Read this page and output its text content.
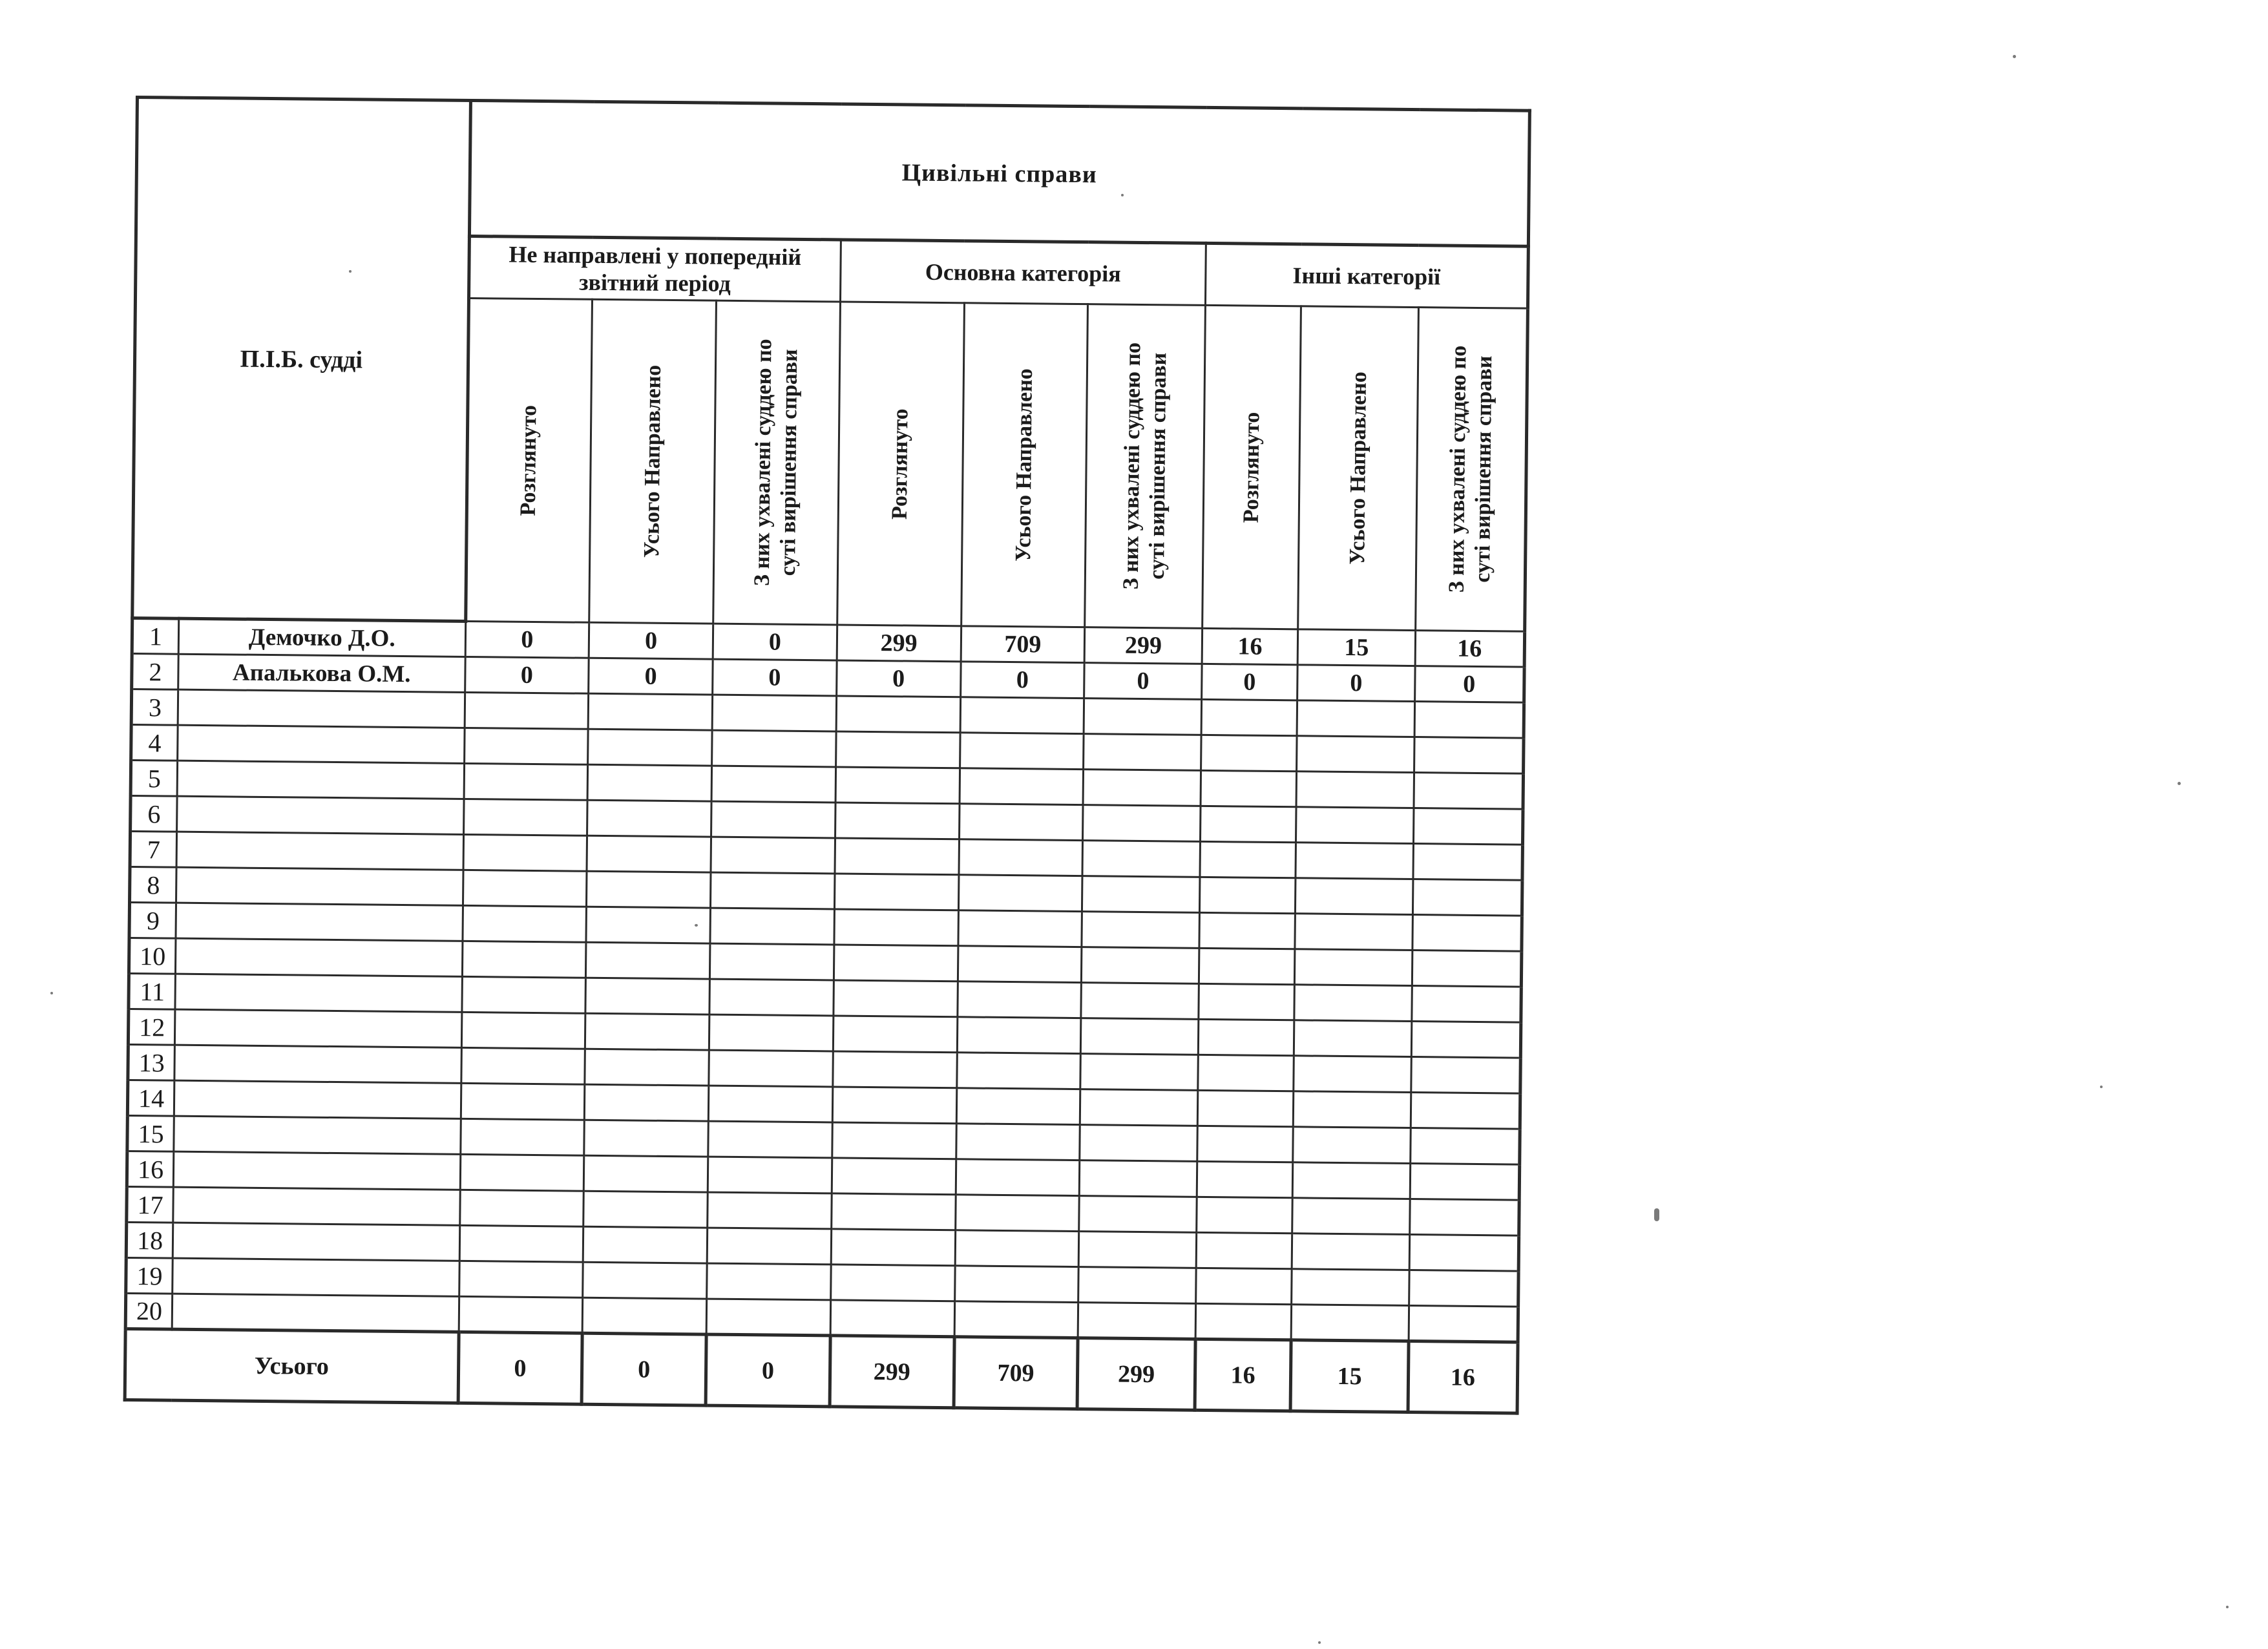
П.І.Б. судді		Цивільні справи								
		Не направлені у попередній звітний період			Основна категорія			Інші категорії		

		Розглянуто	Усього Направлено	З них ухвалені суддею по
суті вирішення справи	Розглянуто	Усього Направлено	З них ухвалені суддею по
суті вирішення справи	Розглянуто	Усього Направлено	З них ухвалені суддею по
суті вирішення справи

1	Демочко Д.О.	0	0	0	299	709	299	16	15	16
2	Апалькова О.М.	0	0	0	0	0	0	0	0	0
3										
4										
5										
6										
7										
8										
9										
10										
11										
12										
13										
14										
15										
16										
17										
18										
19										
20										
Усього		0	0	0	299	709	299	16	15	16
